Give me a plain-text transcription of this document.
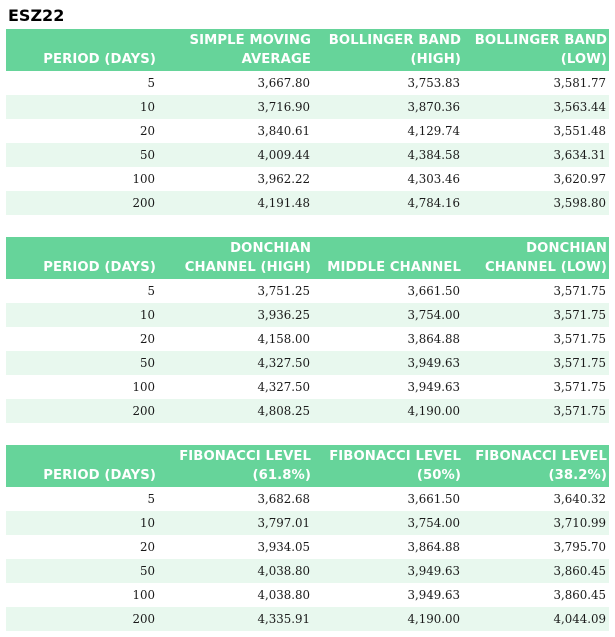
ESZ22
PERIOD (DAYS)	SIMPLE MOVING AVERAGE	BOLLINGER BAND (HIGH)	BOLLINGER BAND (LOW)
5	3,667.80	3,753.83	3,581.77
10	3,716.90	3,870.36	3,563.44
20	3,840.61	4,129.74	3,551.48
50	4,009.44	4,384.58	3,634.31
100	3,962.22	4,303.46	3,620.97
200	4,191.48	4,784.16	3,598.80
PERIOD (DAYS)	DONCHIAN CHANNEL (HIGH)	MIDDLE CHANNEL	DONCHIAN CHANNEL (LOW)
5	3,751.25	3,661.50	3,571.75
10	3,936.25	3,754.00	3,571.75
20	4,158.00	3,864.88	3,571.75
50	4,327.50	3,949.63	3,571.75
100	4,327.50	3,949.63	3,571.75
200	4,808.25	4,190.00	3,571.75
PERIOD (DAYS)	FIBONACCI LEVEL (61.8%)	FIBONACCI LEVEL (50%)	FIBONACCI LEVEL (38.2%)
5	3,682.68	3,661.50	3,640.32
10	3,797.01	3,754.00	3,710.99
20	3,934.05	3,864.88	3,795.70
50	4,038.80	3,949.63	3,860.45
100	4,038.80	3,949.63	3,860.45
200	4,335.91	4,190.00	4,044.09
